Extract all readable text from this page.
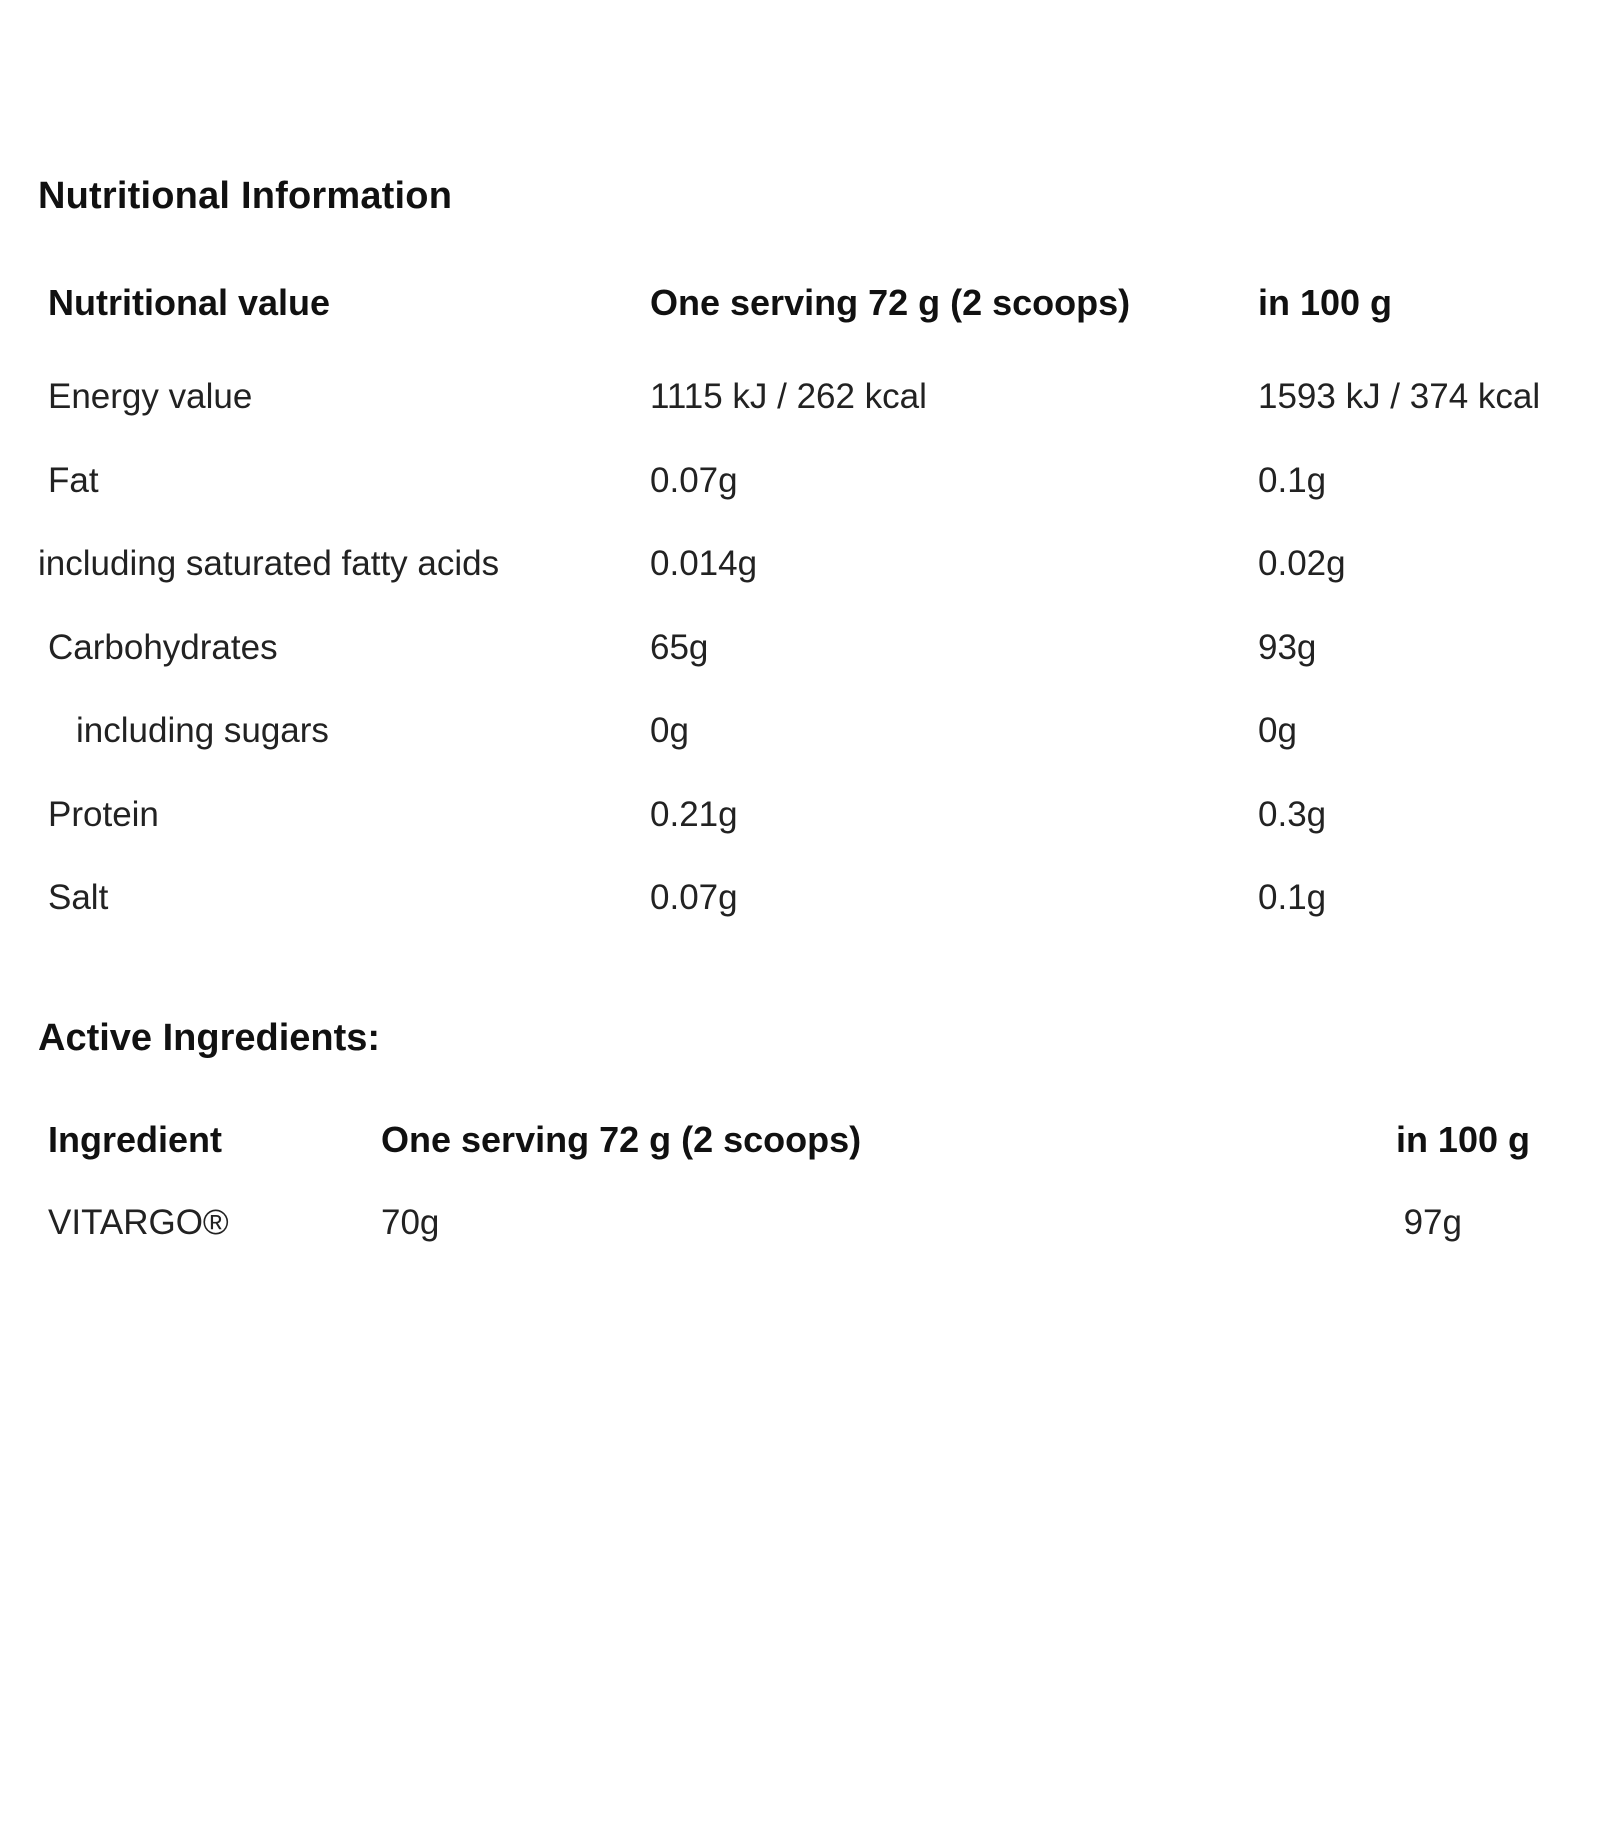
Nutritional Information
Nutritional value	One serving 72 g (2 scoops)	in 100 g
Energy value	1115 kJ / 262 kcal	1593 kJ / 374 kcal
Fat	0.07g	0.1g
including saturated fatty acids	0.014g	0.02g
Carbohydrates	65g	93g
including sugars	0g	0g
Protein	0.21g	0.3g
Salt	0.07g	0.1g
Active Ingredients:
Ingredient	One serving 72 g (2 scoops)	in 100 g
VITARGO®	70g	97g
